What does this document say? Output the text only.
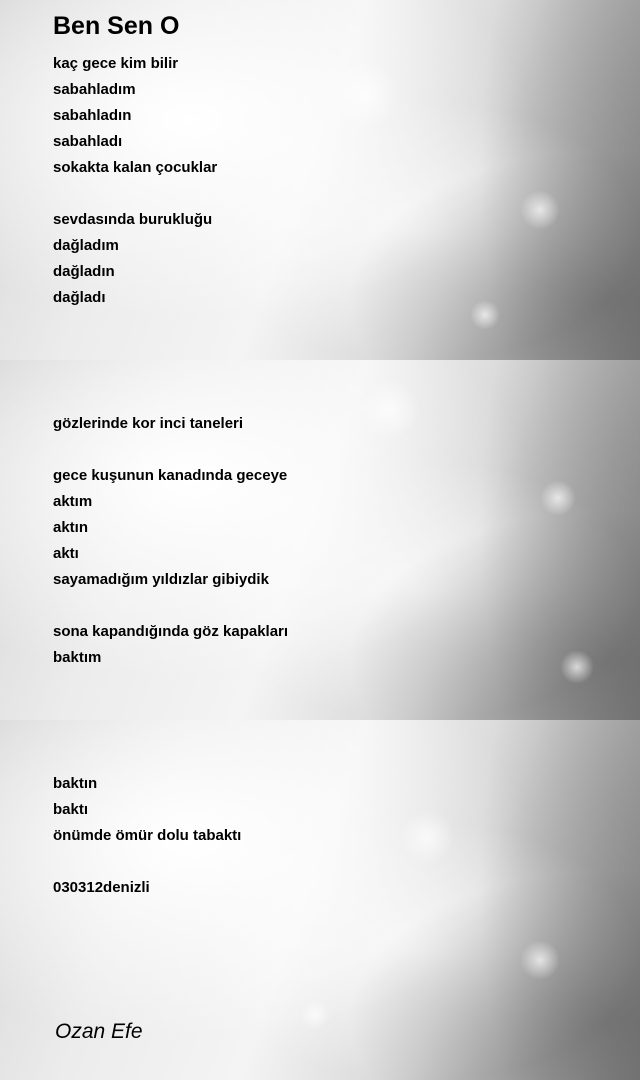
Ben Sen O
kaç gece kim bilir
sabahladım
sabahladın
sabahladı
sokakta kalan çocuklar
sevdasında burukluğu
dağladım
dağladın
dağladı
gözlerinde kor inci taneleri
gece kuşunun kanadında geceye
aktım
aktın
aktı
sayamadığım yıldızlar gibiydik
sona kapandığında göz kapakları
baktım
baktın
baktı
önümde ömür dolu tabaktı
030312denizli
Ozan Efe
